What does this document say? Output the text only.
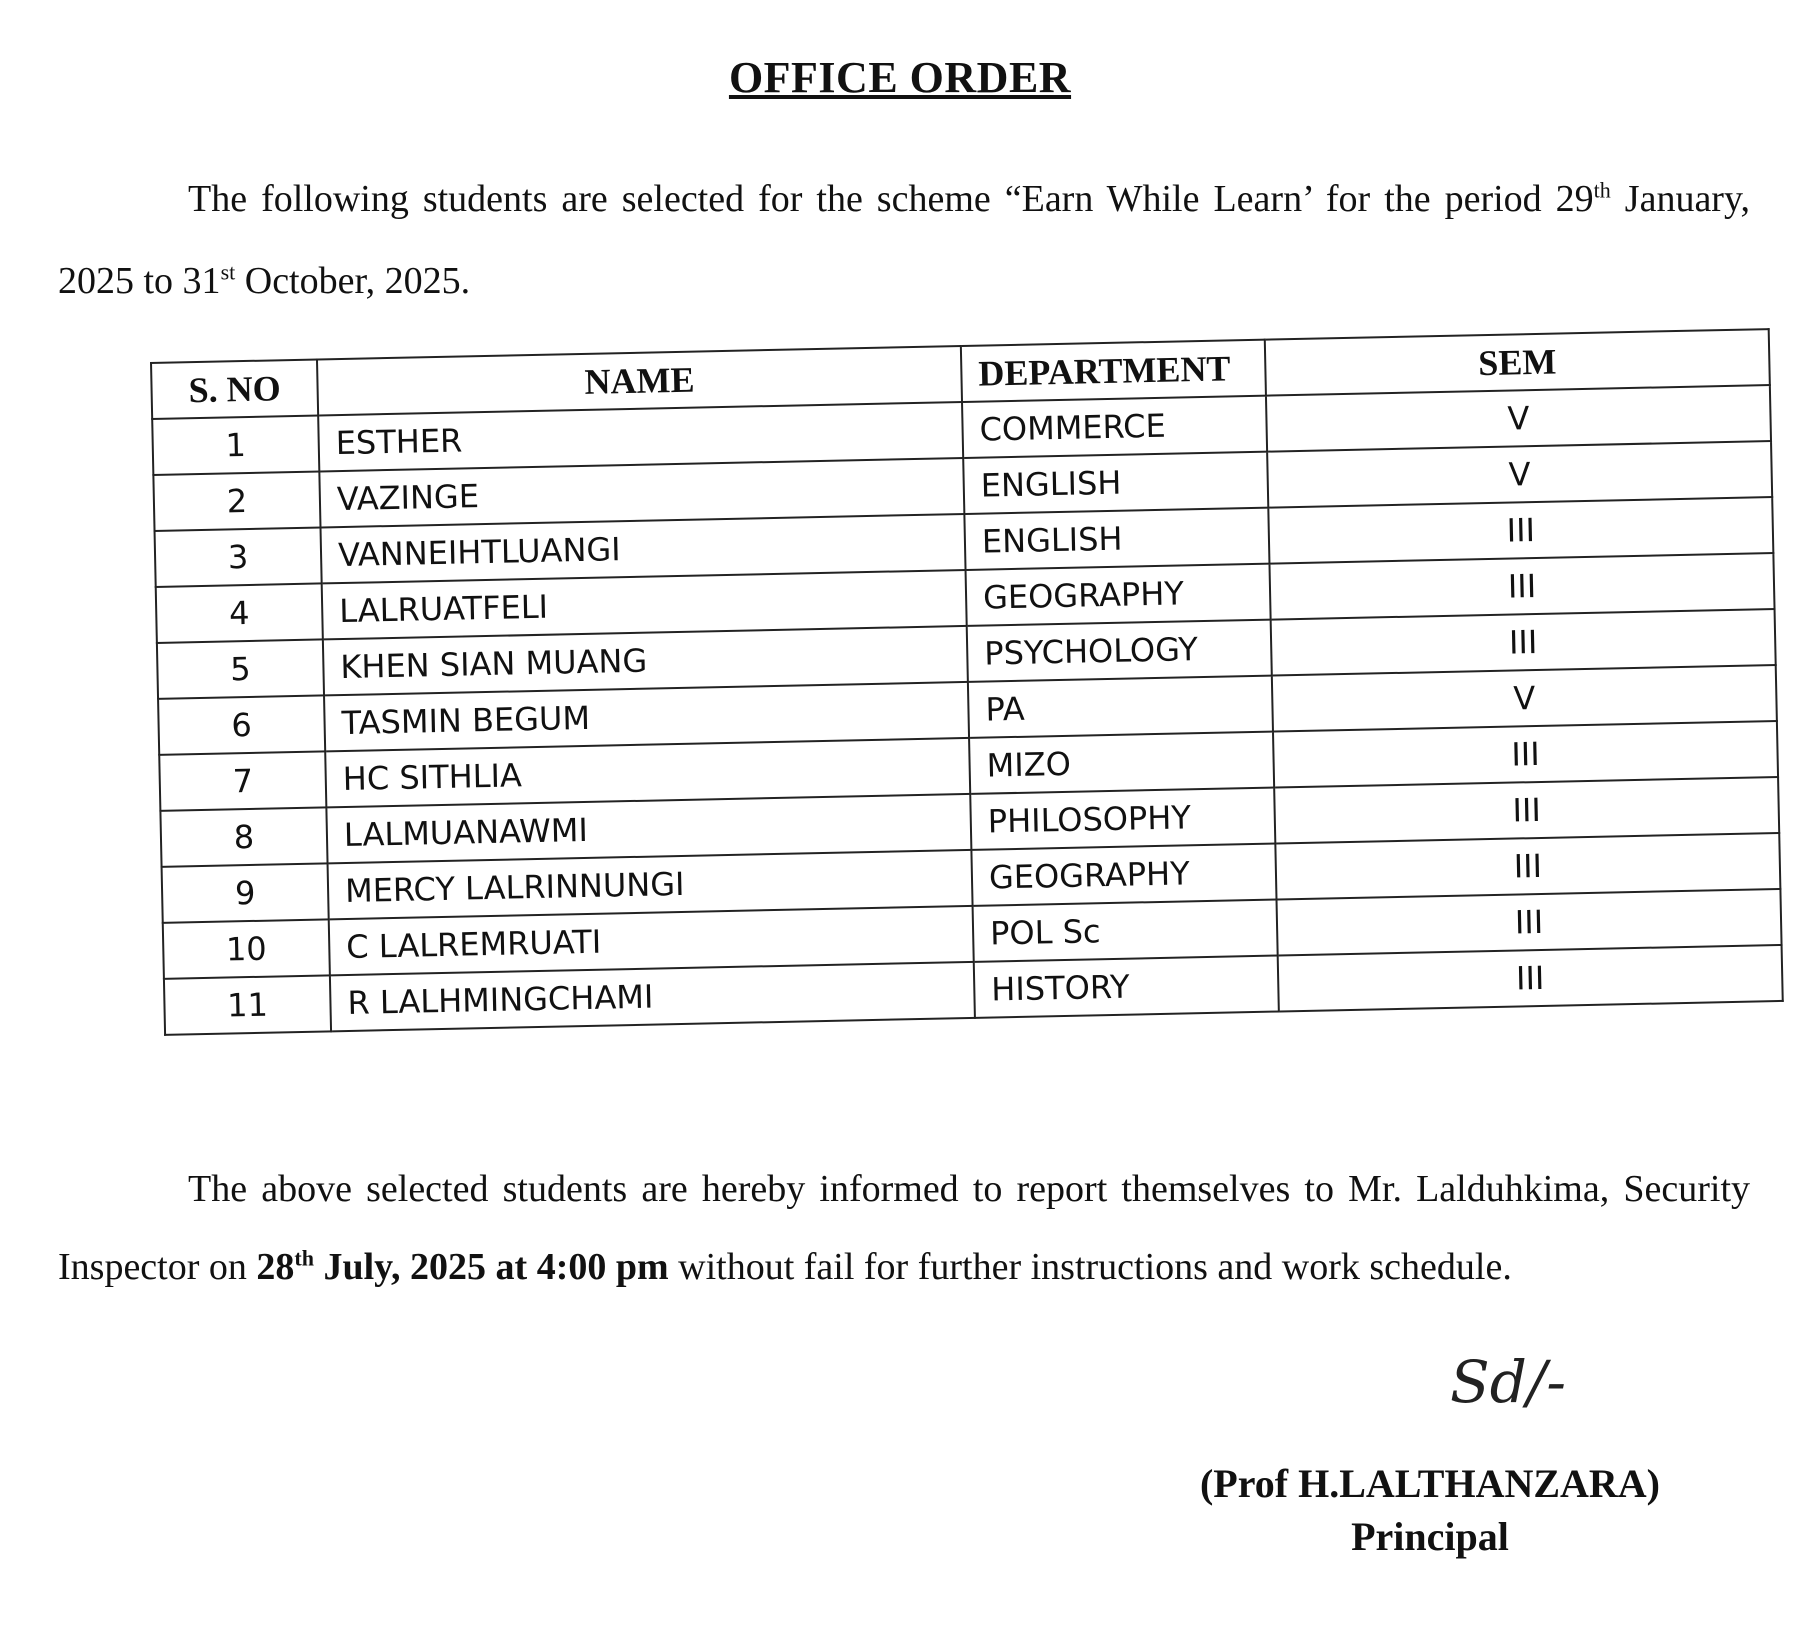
OFFICE ORDER

The following students are selected for the scheme “Earn While Learn’ for the period 29th January, 2025 to 31st October, 2025.

S. NO	NAME	DEPARTMENT	SEM
1	ESTHER	COMMERCE	V
2	VAZINGE	ENGLISH	V
3	VANNEIHTLUANGI	ENGLISH	III
4	LALRUATFELI	GEOGRAPHY	III
5	KHEN SIAN MUANG	PSYCHOLOGY	III
6	TASMIN BEGUM	PA	V
7	HC SITHLIA	MIZO	III
8	LALMUANAWMI	PHILOSOPHY	III
9	MERCY LALRINNUNGI	GEOGRAPHY	III
10	C LALREMRUATI	POL Sc	III
11	R LALHMINGCHAMI	HISTORY	III

The above selected students are hereby informed to report themselves to Mr. Lalduhkima, Security Inspector on 28th July, 2025 at 4:00 pm without fail for further instructions and work schedule.

Sd/-
(Prof H.LALTHANZARA)
Principal
